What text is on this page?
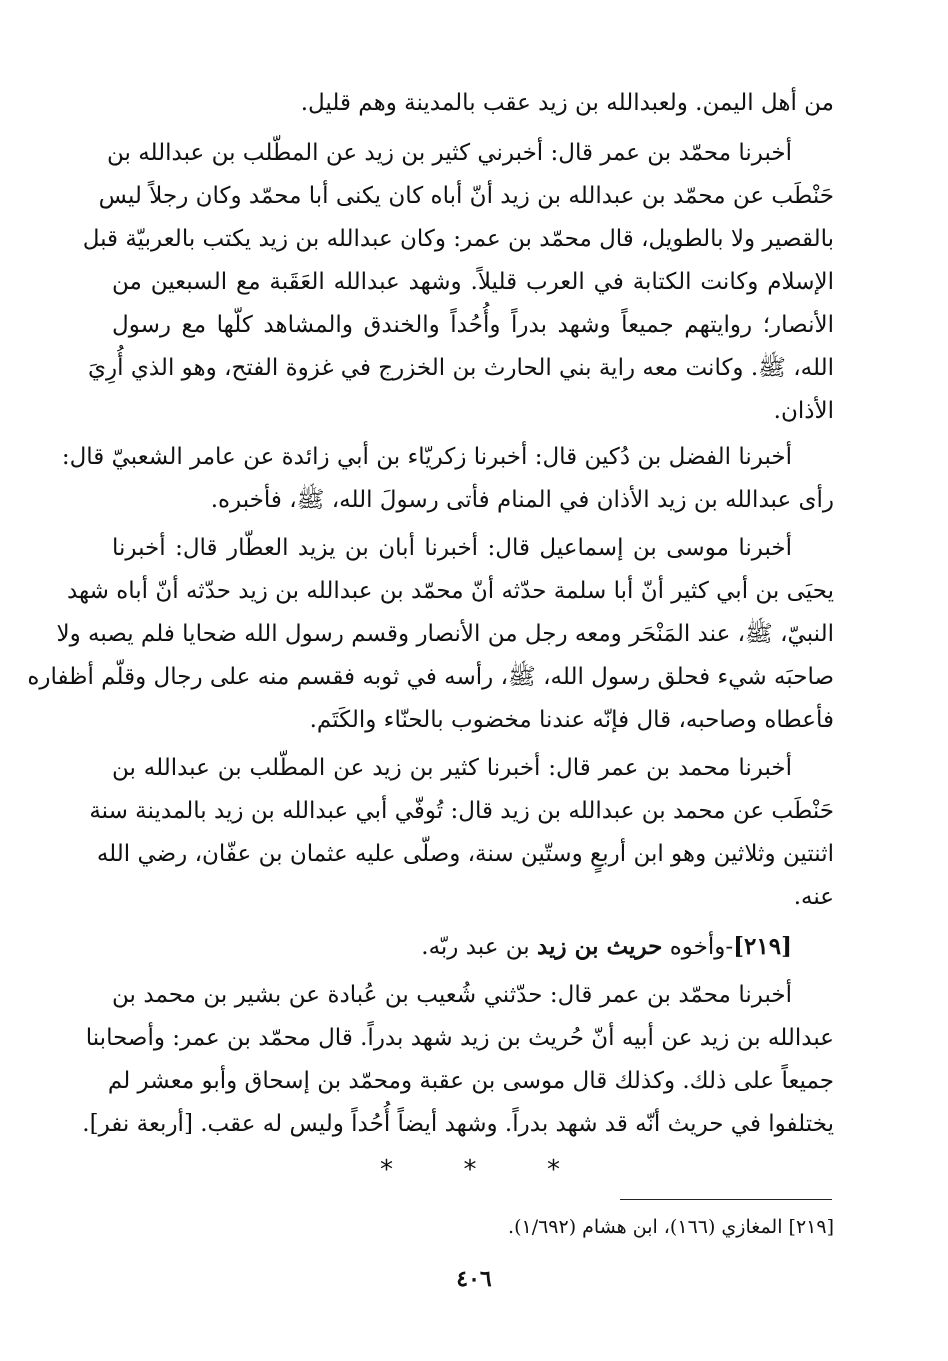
من أهل اليمن. ولعبدالله بن زيد عقب بالمدينة وهم قليل.
أخبرنا محمّد بن عمر قال: أخبرني كثير بن زيد عن المطّلب بن عبدالله بن
حَنْطَب عن محمّد بن عبدالله بن زيد أنّ أباه كان يكنى أبا محمّد وكان رجلاً ليس
بالقصير ولا بالطويل، قال محمّد بن عمر: وكان عبدالله بن زيد يكتب بالعربيّة قبل
الإسلام وكانت الكتابة في العرب قليلاً. وشهد عبدالله العَقَبة مع السبعين من
الأنصار؛ روايتهم جميعاً وشهد بدراً وأُحُداً والخندق والمشاهد كلّها مع رسول
الله، ﷺ. وكانت معه راية بني الحارث بن الخزرج في غزوة الفتح، وهو الذي أُرِيَ
الأذان.
أخبرنا الفضل بن دُكين قال: أخبرنا زكريّاء بن أبي زائدة عن عامر الشعبيّ قال:
رأى عبدالله بن زيد الأذان في المنام فأتى رسولَ الله، ﷺ، فأخبره.
أخبرنا موسى بن إسماعيل قال: أخبرنا أبان بن يزيد العطّار قال: أخبرنا
يحيَى بن أبي كثير أنّ أبا سلمة حدّثه أنّ محمّد بن عبدالله بن زيد حدّثه أنّ أباه شهد
النبيّ، ﷺ، عند المَنْحَر ومعه رجل من الأنصار وقسم رسول الله ضحايا فلم يصبه ولا
صاحبَه شيء فحلق رسول الله، ﷺ، رأسه في ثوبه فقسم منه على رجال وقلّم أظفاره
فأعطاه وصاحبه، قال فإنّه عندنا مخضوب بالحنّاء والكَتَم.
أخبرنا محمد بن عمر قال: أخبرنا كثير بن زيد عن المطّلب بن عبدالله بن
حَنْطَب عن محمد بن عبدالله بن زيد قال: تُوفّي أبي عبدالله بن زيد بالمدينة سنة
اثنتين وثلاثين وهو ابن أربعٍ وستّين سنة، وصلّى عليه عثمان بن عفّان، رضي الله
عنه.
[٢١٩]-وأخوه حريث بن زيد بن عبد ربّه.
أخبرنا محمّد بن عمر قال: حدّثني شُعيب بن عُبادة عن بشير بن محمد بن
عبدالله بن زيد عن أبيه أنّ حُريث بن زيد شهد بدراً. قال محمّد بن عمر: وأصحابنا
جميعاً على ذلك. وكذلك قال موسى بن عقبة ومحمّد بن إسحاق وأبو معشر لم
يختلفوا في حريث أنّه قد شهد بدراً. وشهد أيضاً أُحُداً وليس له عقب. [أربعة نفر].
*	*	*
[٢١٩] المغازي (١٦٦)، ابن هشام (١/٦٩٢).
٤٠٦
